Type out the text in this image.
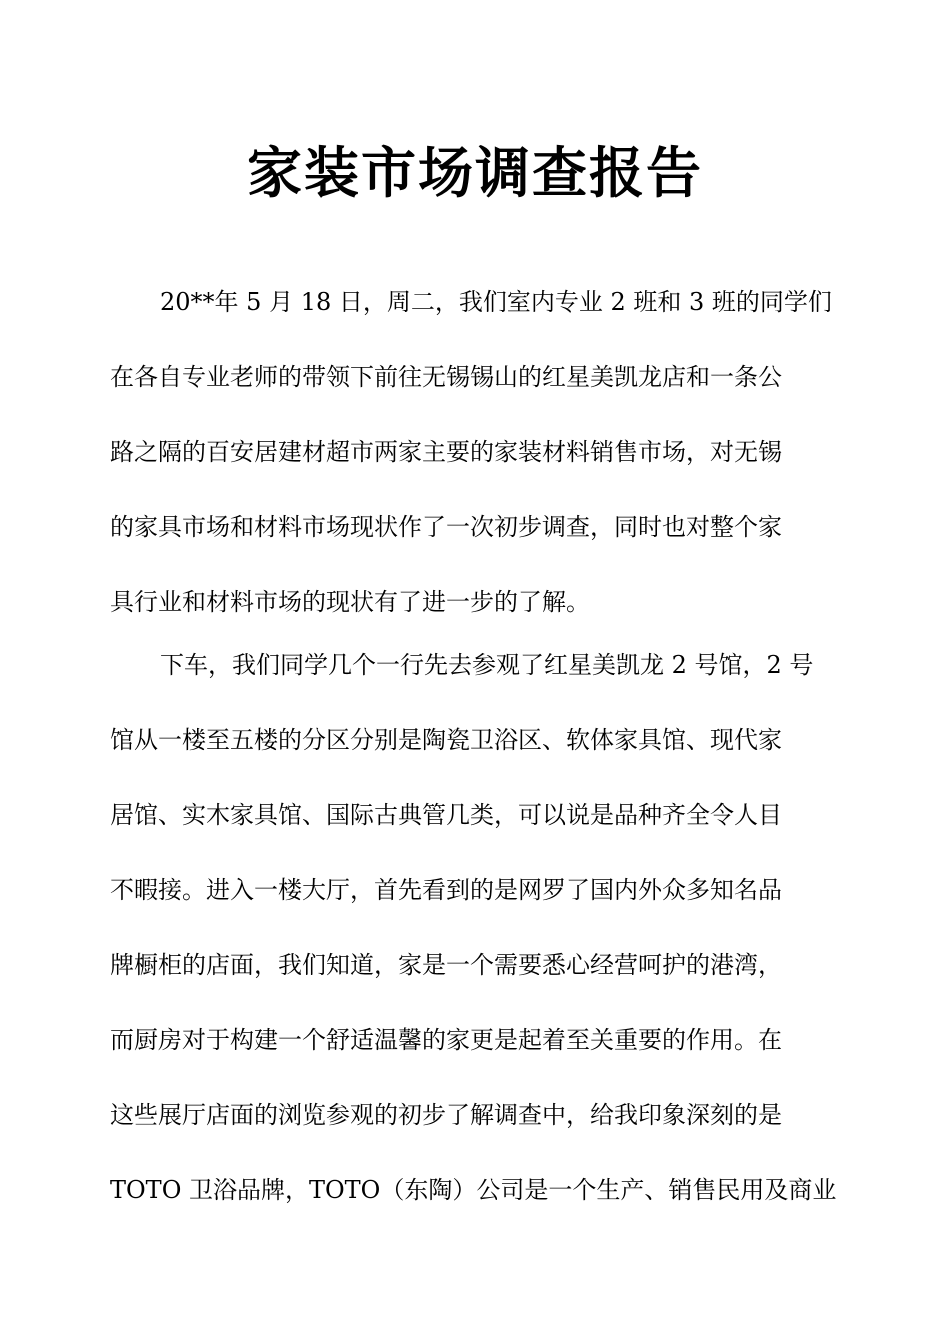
家装市场调查报告

20**年 5 月 18 日，周二，我们室内专业 2 班和 3 班的同学们

在各自专业老师的带领下前往无锡锡山的红星美凯龙店和一条公

路之隔的百安居建材超市两家主要的家装材料销售市场，对无锡

的家具市场和材料市场现状作了一次初步调查，同时也对整个家

具行业和材料市场的现状有了进一步的了解。

下车，我们同学几个一行先去参观了红星美凯龙 2 号馆，2 号

馆从一楼至五楼的分区分别是陶瓷卫浴区、软体家具馆、现代家

居馆、实木家具馆、国际古典管几类，可以说是品种齐全令人目

不暇接。进入一楼大厅，首先看到的是网罗了国内外众多知名品

牌橱柜的店面，我们知道，家是一个需要悉心经营呵护的港湾，

而厨房对于构建一个舒适温馨的家更是起着至关重要的作用。在

这些展厅店面的浏览参观的初步了解调查中，给我印象深刻的是

TOTO 卫浴品牌，TOTO（东陶）公司是一个生产、销售民用及商业
